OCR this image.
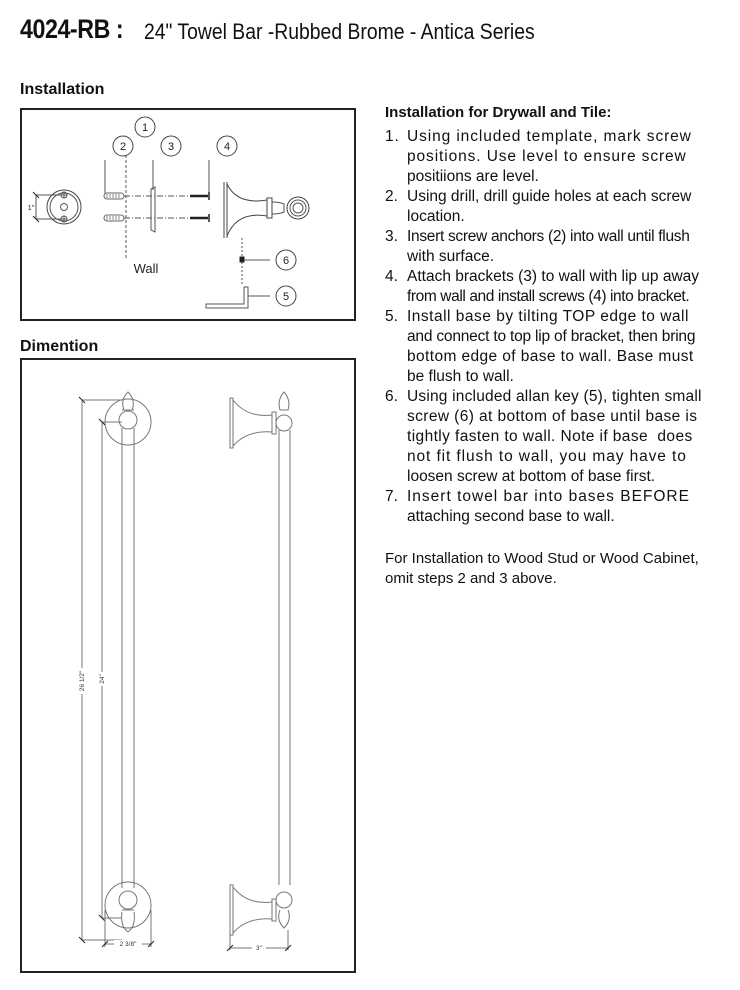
4024-RB : 24" Towel Bar -Rubbed Brome - Antica Series
Installation
1
2	3	4
6
5
Wall
1"
Dimention
26 1/2" 24"
2 3/8"
3"
Installation for Drywall and Tile:
1. Using included template, mark screw
positions. Use level to ensure screw
positiions are level.
2. Using drill, drill guide holes at each screw
location.
3. Insert screw anchors (2) into wall until flush
with surface.
4. Attach brackets (3) to wall with lip up away
from wall and install screws (4) into bracket.
5. Install base by tilting TOP edge to wall
and connect to top lip of bracket, then bring
bottom edge of base to wall. Base must
be flush to wall.
6. Using included allan key (5), tighten small
screw (6) at bottom of base until base is
tightly fasten to wall. Note if base  does
not fit flush to wall, you may have to
loosen screw at bottom of base first.
7. Insert towel bar into bases BEFORE
attaching second base to wall.
For Installation to Wood Stud or Wood Cabinet,
omit steps 2 and 3 above.
